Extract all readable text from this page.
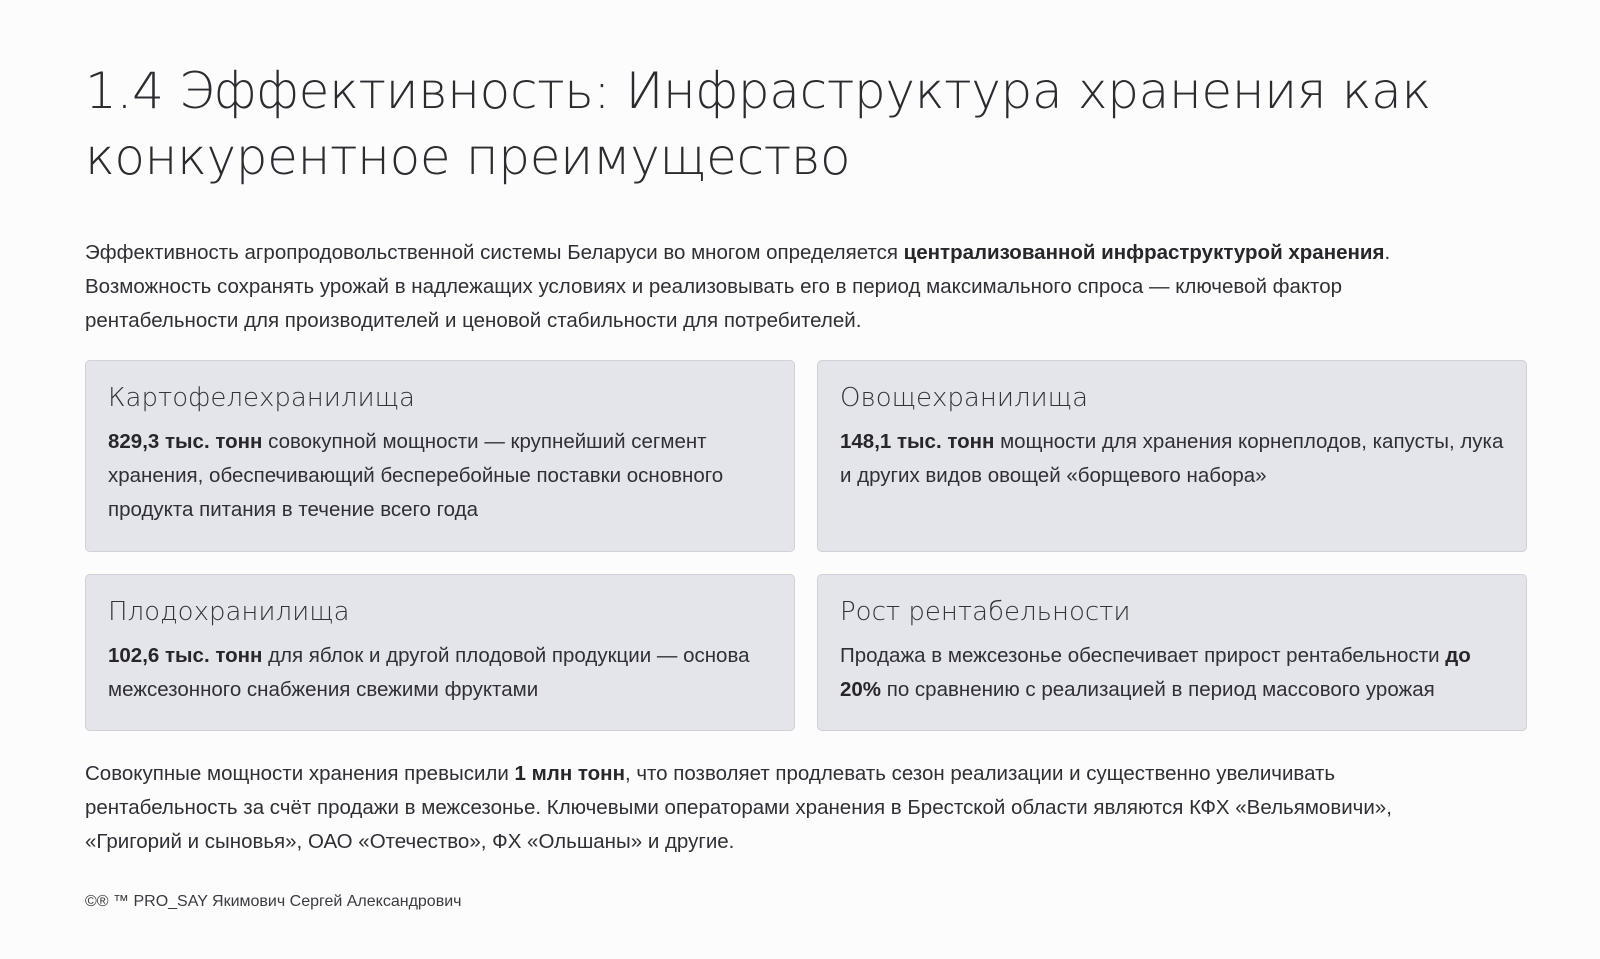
1.4 Эффективность: Инфраструктура хранения как конкурентное преимущество

Эффективность агропродовольственной системы Беларуси во многом определяется централизованной инфраструктурой хранения. Возможность сохранять урожай в надлежащих условиях и реализовывать его в период максимального спроса — ключевой фактор рентабельности для производителей и ценовой стабильности для потребителей.

Картофелехранилища

829,3 тыс. тонн совокупной мощности — крупнейший сегмент хранения, обеспечивающий бесперебойные поставки основного продукта питания в течение всего года

Овощехранилища

148,1 тыс. тонн мощности для хранения корнеплодов, капусты, лука и других видов овощей «борщевого набора»

Плодохранилища

102,6 тыс. тонн для яблок и другой плодовой продукции — основа межсезонного снабжения свежими фруктами

Рост рентабельности

Продажа в межсезонье обеспечивает прирост рентабельности до 20% по сравнению с реализацией в период массового урожая

Совокупные мощности хранения превысили 1 млн тонн, что позволяет продлевать сезон реализации и существенно увеличивать рентабельность за счёт продажи в межсезонье. Ключевыми операторами хранения в Брестской области являются КФХ «Вельямовичи», «Григорий и сыновья», ОАО «Отечество», ФХ «Ольшаны» и другие.

©® ™ PRO_SAY Якимович Сергей Александрович
